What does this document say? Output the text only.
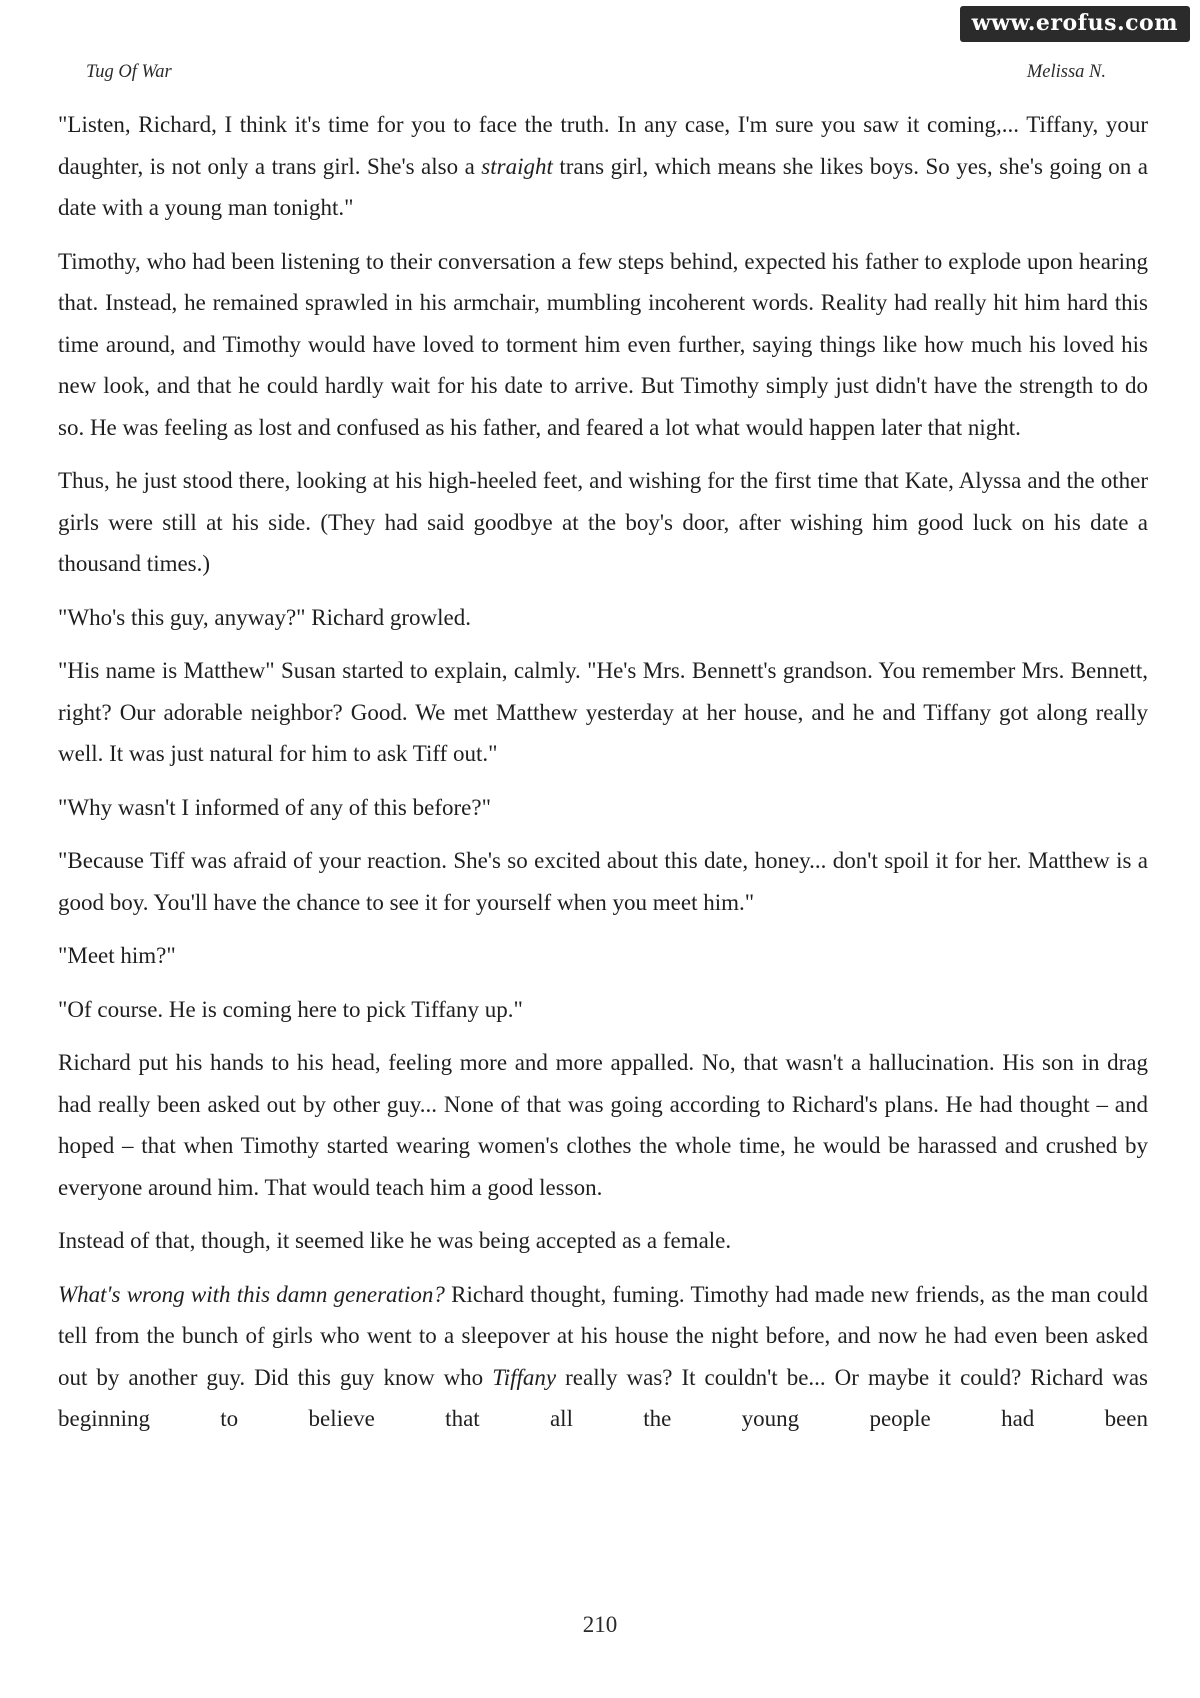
www.erofus.com
Tug Of War	Melissa N.

"Listen, Richard, I think it's time for you to face the truth. In any case, I'm sure you saw it coming,... Tiffany, your daughter, is not only a trans girl. She's also a straight trans girl, which means she likes boys. So yes, she's going on a date with a young man tonight."

Timothy, who had been listening to their conversation a few steps behind, expected his father to explode upon hearing that. Instead, he remained sprawled in his armchair, mumbling incoherent words. Reality had really hit him hard this time around, and Timothy would have loved to torment him even further, saying things like how much his loved his new look, and that he could hardly wait for his date to arrive. But Timothy simply just didn't have the strength to do so. He was feeling as lost and confused as his father, and feared a lot what would happen later that night.

Thus, he just stood there, looking at his high-heeled feet, and wishing for the first time that Kate, Alyssa and the other girls were still at his side. (They had said goodbye at the boy's door, after wishing him good luck on his date a thousand times.)

"Who's this guy, anyway?" Richard growled.

"His name is Matthew" Susan started to explain, calmly. "He's Mrs. Bennett's grandson. You remember Mrs. Bennett, right? Our adorable neighbor? Good. We met Matthew yesterday at her house, and he and Tiffany got along really well. It was just natural for him to ask Tiff out."

"Why wasn't I informed of any of this before?"

"Because Tiff was afraid of your reaction. She's so excited about this date, honey... don't spoil it for her. Matthew is a good boy. You'll have the chance to see it for yourself when you meet him."

"Meet him?"

"Of course. He is coming here to pick Tiffany up."

Richard put his hands to his head, feeling more and more appalled. No, that wasn't a hallucination. His son in drag had really been asked out by other guy... None of that was going according to Richard's plans. He had thought – and hoped – that when Timothy started wearing women's clothes the whole time, he would be harassed and crushed by everyone around him. That would teach him a good lesson.

Instead of that, though, it seemed like he was being accepted as a female.

What's wrong with this damn generation? Richard thought, fuming. Timothy had made new friends, as the man could tell from the bunch of girls who went to a sleepover at his house the night before, and now he had even been asked out by another guy. Did this guy know who Tiffany really was? It couldn't be... Or maybe it could? Richard was beginning to believe that all the young people had been

210
